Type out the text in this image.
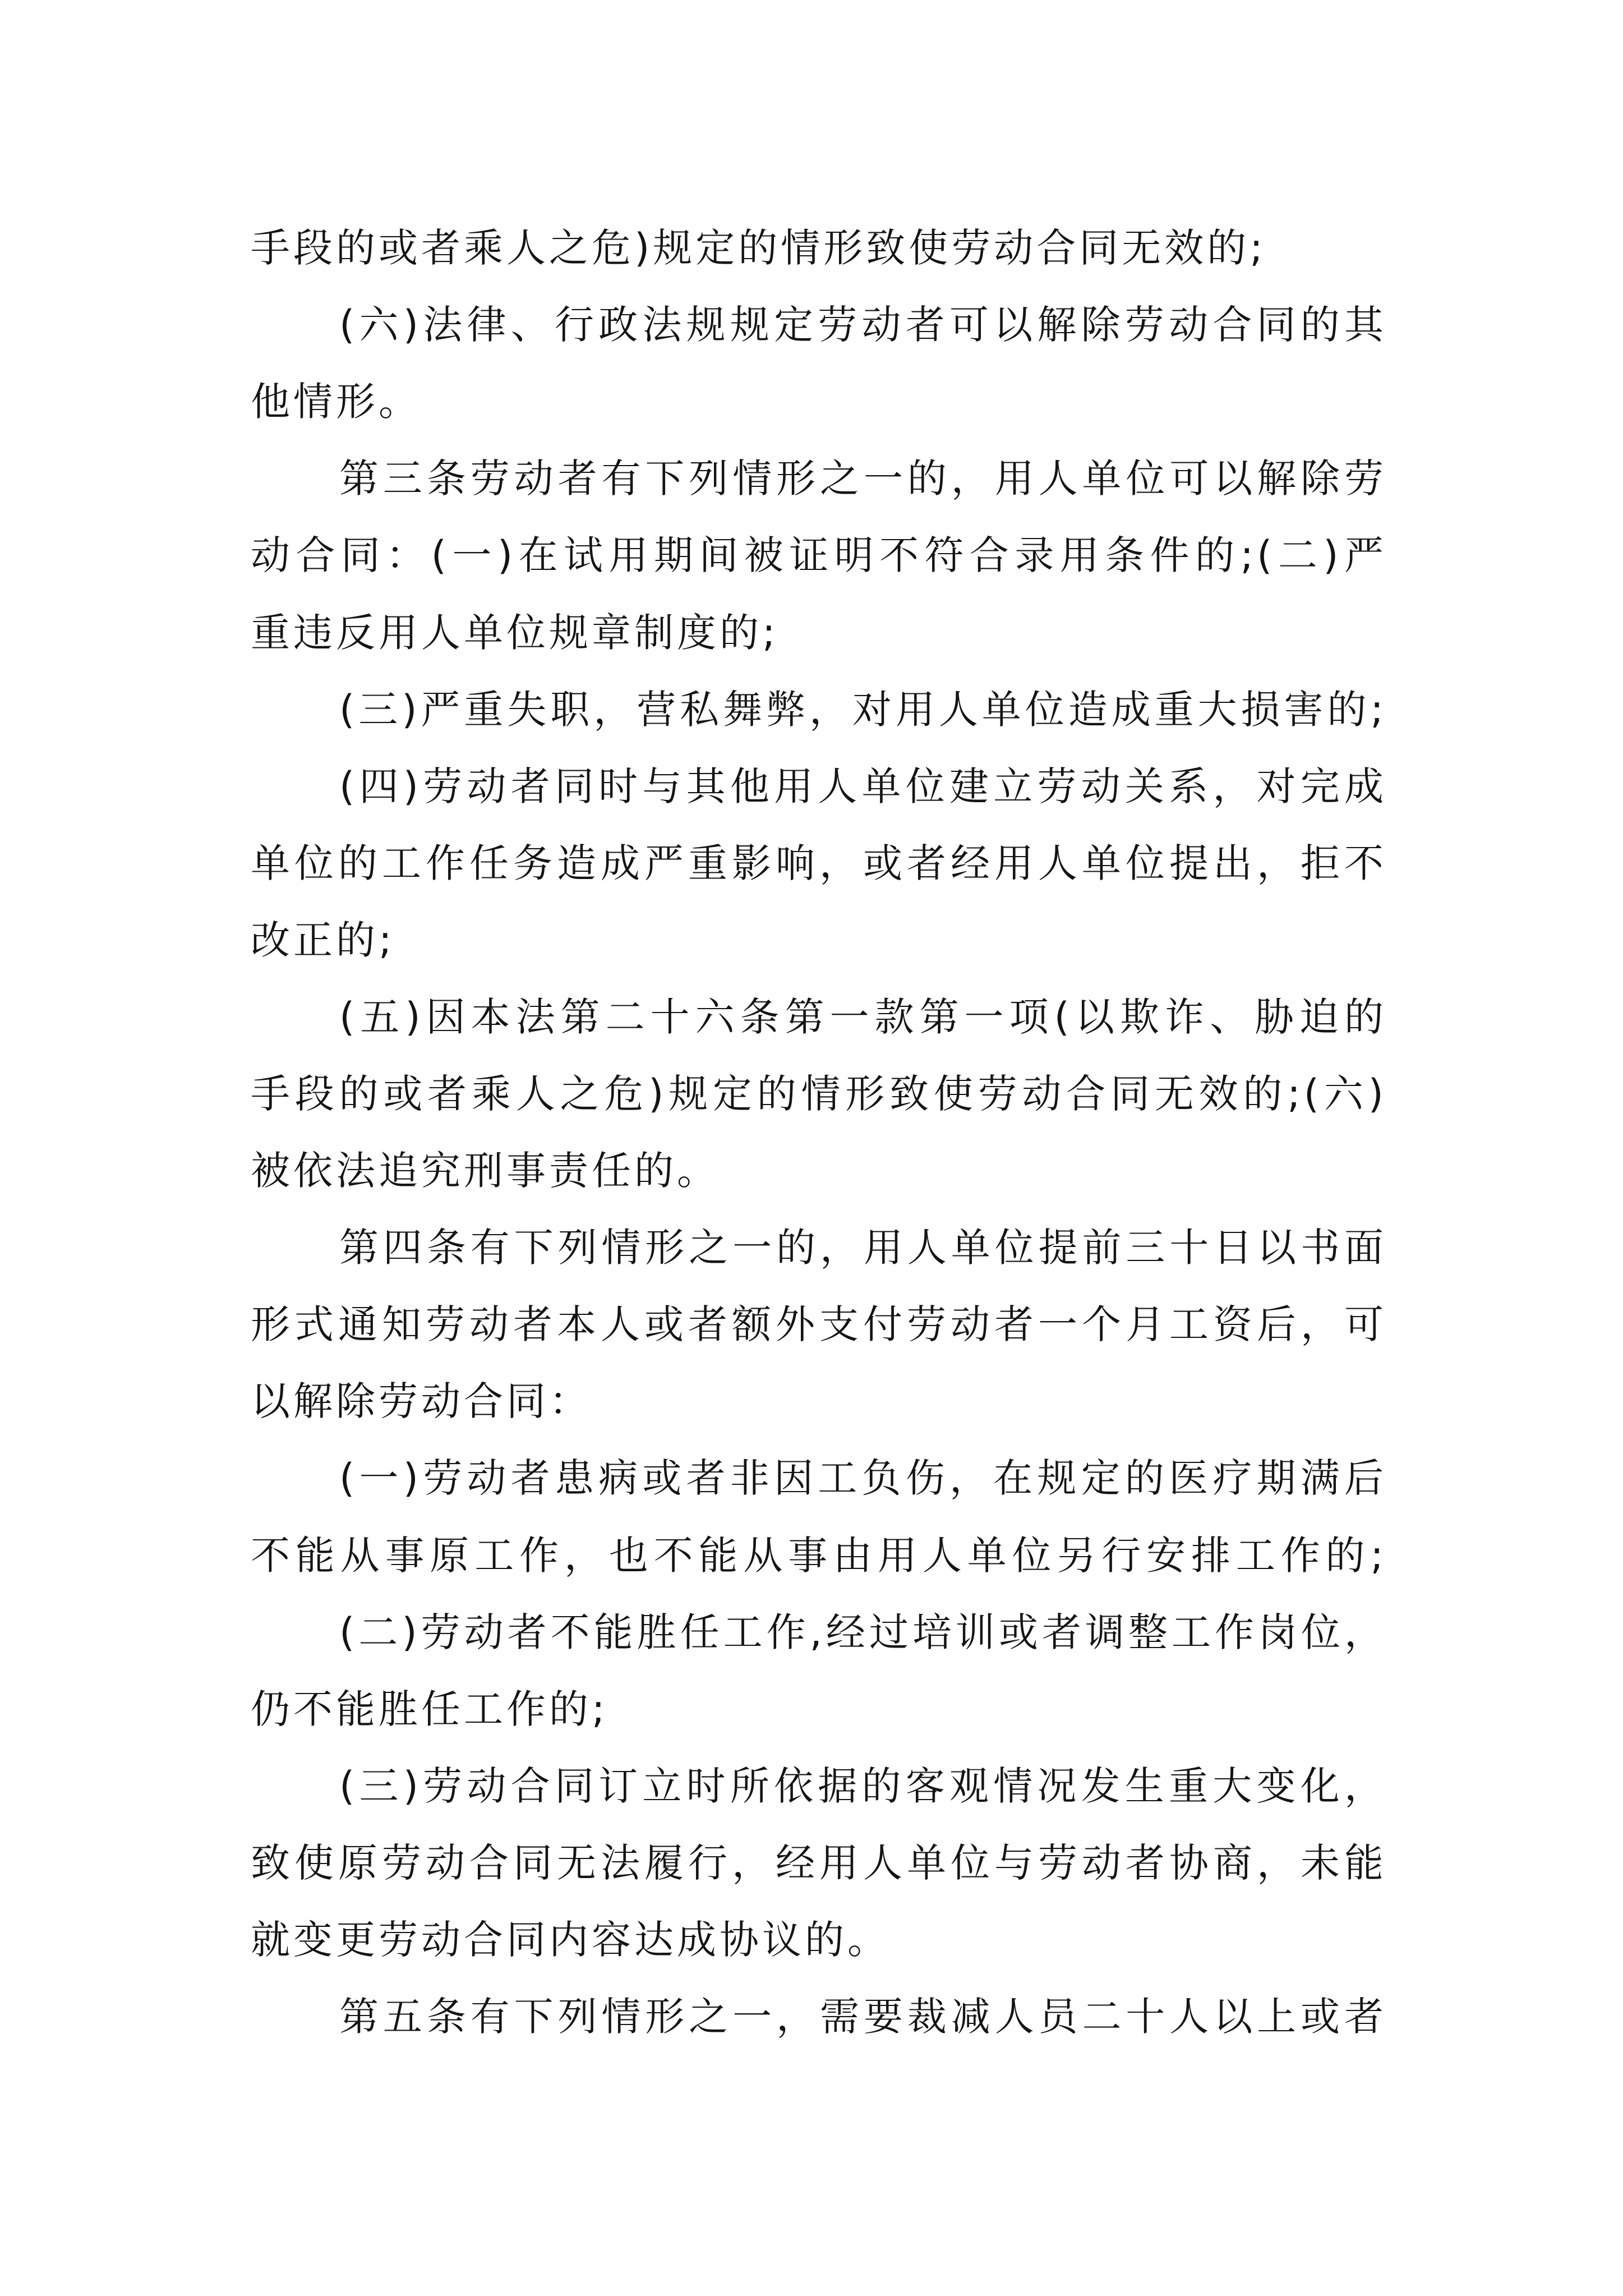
手段的或者乘人之危)规定的情形致使劳动合同无效的;
(六)法律、行政法规规定劳动者可以解除劳动合同的其
他情形。
第三条劳动者有下列情形之一的，用人单位可以解除劳
动合同：(一)在试用期间被证明不符合录用条件的;(二)严
重违反用人单位规章制度的;
(三)严重失职，营私舞弊，对用人单位造成重大损害的;
(四)劳动者同时与其他用人单位建立劳动关系，对完成
单位的工作任务造成严重影响，或者经用人单位提出，拒不
改正的;
(五)因本法第二十六条第一款第一项(以欺诈、胁迫的
手段的或者乘人之危)规定的情形致使劳动合同无效的;(六)
被依法追究刑事责任的。
第四条有下列情形之一的，用人单位提前三十日以书面
形式通知劳动者本人或者额外支付劳动者一个月工资后，可
以解除劳动合同：
(一)劳动者患病或者非因工负伤，在规定的医疗期满后
不能从事原工作，也不能从事由用人单位另行安排工作的;
(二)劳动者不能胜任工作,经过培训或者调整工作岗位，
仍不能胜任工作的;
(三)劳动合同订立时所依据的客观情况发生重大变化，
致使原劳动合同无法履行，经用人单位与劳动者协商，未能
就变更劳动合同内容达成协议的。
第五条有下列情形之一，需要裁减人员二十人以上或者
